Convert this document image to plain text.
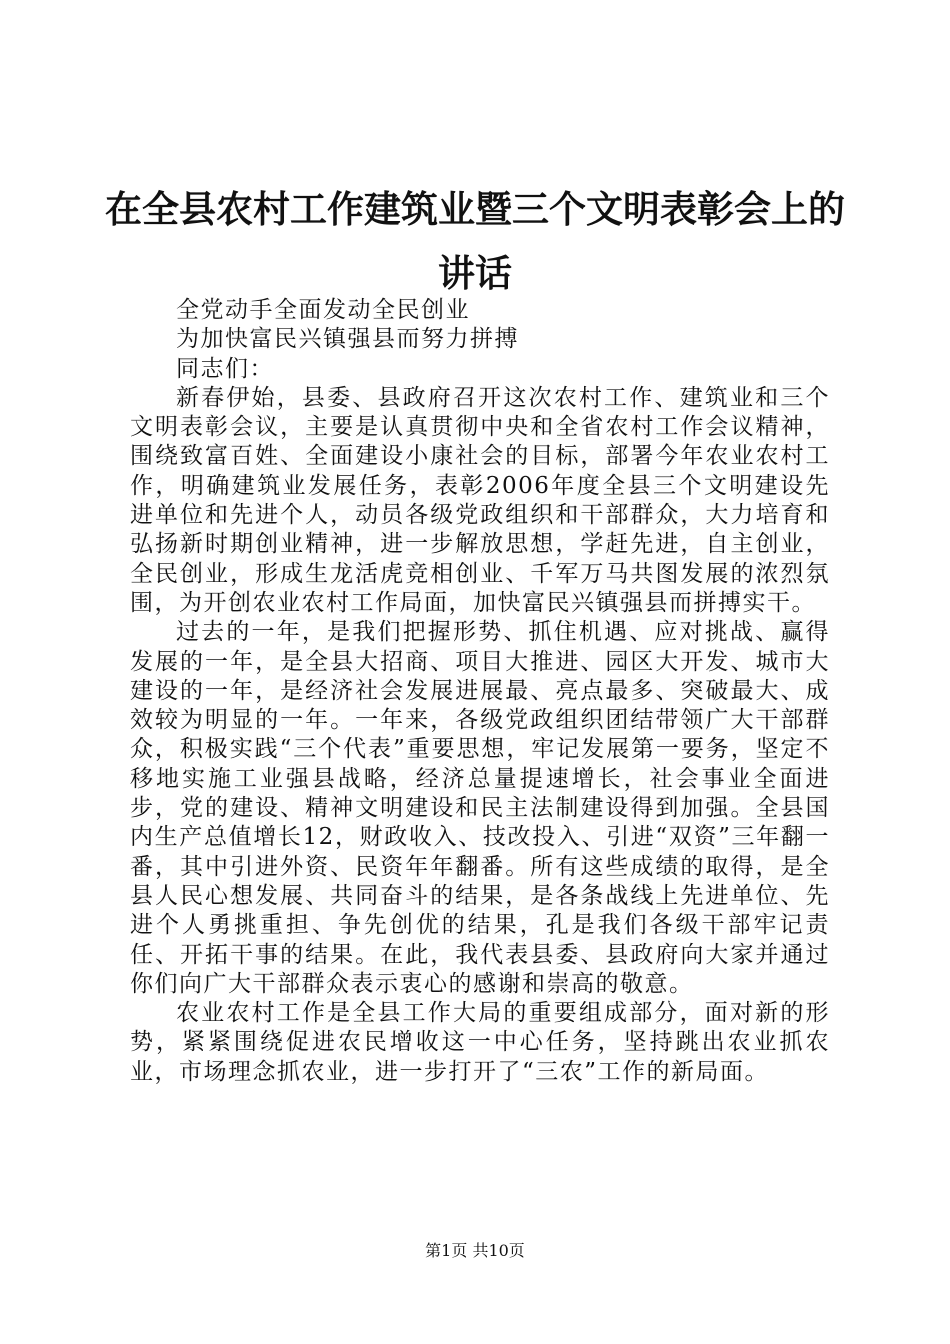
在全县农村工作建筑业暨三个文明表彰会上的
讲话

全党动手全面发动全民创业

为加快富民兴镇强县而努力拼搏

同志们：

新春伊始，县委、县政府召开这次农村工作、建筑业和三个文明表彰会议，主要是认真贯彻中央和全省农村工作会议精神，围绕致富百姓、全面建设小康社会的目标，部署今年农业农村工作，明确建筑业发展任务，表彰2006年度全县三个文明建设先进单位和先进个人，动员各级党政组织和干部群众，大力培育和弘扬新时期创业精神，进一步解放思想，学赶先进，自主创业，全民创业，形成生龙活虎竞相创业、千军万马共图发展的浓烈氛围，为开创农业农村工作局面，加快富民兴镇强县而拼搏实干。

过去的一年，是我们把握形势、抓住机遇、应对挑战、赢得发展的一年，是全县大招商、项目大推进、园区大开发、城市大建设的一年，是经济社会发展进展最、亮点最多、突破最大、成效较为明显的一年。一年来，各级党政组织团结带领广大干部群众，积极实践“三个代表”重要思想，牢记发展第一要务，坚定不移地实施工业强县战略，经济总量提速增长，社会事业全面进步，党的建设、精神文明建设和民主法制建设得到加强。全县国内生产总值增长12，财政收入、技改投入、引进“双资”三年翻一番，其中引进外资、民资年年翻番。所有这些成绩的取得，是全县人民心想发展、共同奋斗的结果，是各条战线上先进单位、先进个人勇挑重担、争先创优的结果，孔是我们各级干部牢记责任、开拓干事的结果。在此，我代表县委、县政府向大家并通过你们向广大干部群众表示衷心的感谢和崇高的敬意。

农业农村工作是全县工作大局的重要组成部分，面对新的形势，紧紧围绕促进农民增收这一中心任务，坚持跳出农业抓农业，市场理念抓农业，进一步打开了“三农”工作的新局面。

第1页 共10页
